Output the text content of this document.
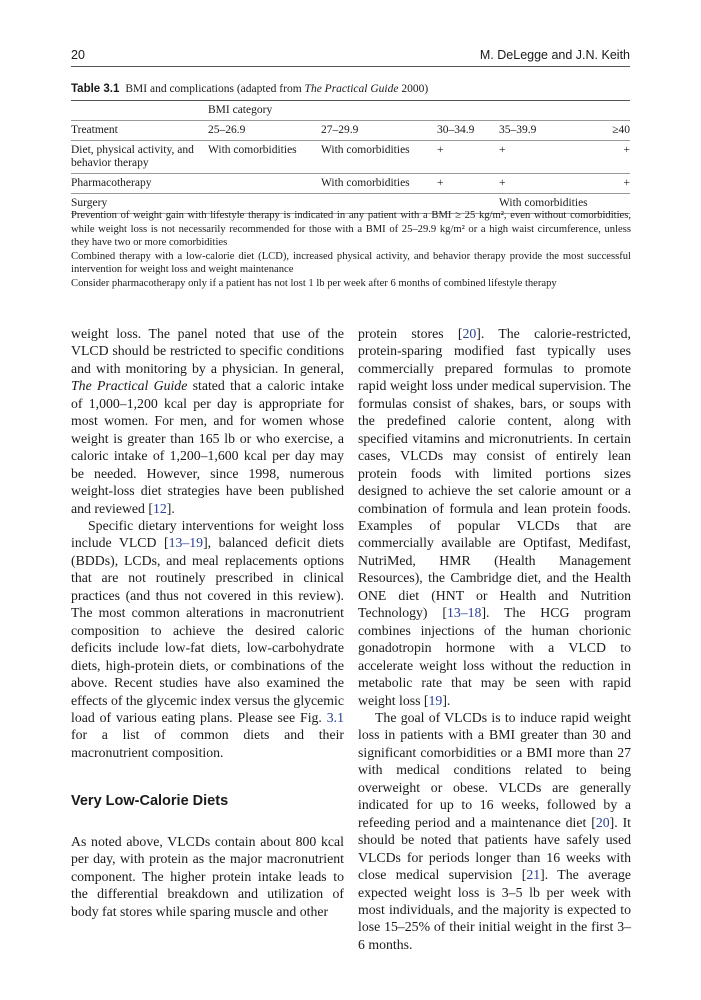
20	M. DeLegge and J.N. Keith
Table 3.1 BMI and complications (adapted from The Practical Guide 2000)
	BMI category				
Treatment	25–26.9	27–29.9	30–34.9	35–39.9	≥40
Diet, physical activity, and behavior therapy	With comorbidities	With comorbidities	+	+	+
Pharmacotherapy		With comorbidities	+	+	+
Surgery				With comorbidities	

Prevention of weight gain with lifestyle therapy is indicated in any patient with a BMI ≥ 25 kg/m², even without comorbidities, while weight loss is not necessarily recommended for those with a BMI of 25–29.9 kg/m² or a high waist circumference, unless they have two or more comorbidities

Combined therapy with a low-calorie diet (LCD), increased physical activity, and behavior therapy provide the most successful intervention for weight loss and weight maintenance

Consider pharmacotherapy only if a patient has not lost 1 lb per week after 6 months of combined lifestyle therapy

weight loss. The panel noted that use of the VLCD should be restricted to specific conditions and with monitoring by a physician. In general, The Practical Guide stated that a caloric intake of 1,000–1,200 kcal per day is appropriate for most women. For men, and for women whose weight is greater than 165 lb or who exercise, a caloric intake of 1,200–1,600 kcal per day may be needed. However, since 1998, numerous weight-loss diet strategies have been published and reviewed [12].

Specific dietary interventions for weight loss include VLCD [13–19], balanced deficit diets (BDDs), LCDs, and meal replacements options that are not routinely prescribed in clinical practices (and thus not covered in this review). The most common alterations in macronutrient composition to achieve the desired caloric deficits include low-fat diets, low-carbohydrate diets, high-protein diets, or combinations of the above. Recent studies have also examined the effects of the glycemic index versus the glycemic load of various eating plans. Please see Fig. 3.1 for a list of common diets and their macronutrient composition.

Very Low-Calorie Diets

As noted above, VLCDs contain about 800 kcal per day, with protein as the major macronutrient component. The higher protein intake leads to the differential breakdown and utilization of body fat stores while sparing muscle and other

protein stores [20]. The calorie-restricted, protein-sparing modified fast typically uses commercially prepared formulas to promote rapid weight loss under medical supervision. The formulas consist of shakes, bars, or soups with the predefined calorie content, along with specified vitamins and micronutrients. In certain cases, VLCDs may consist of entirely lean protein foods with limited portions sizes designed to achieve the set calorie amount or a combination of formula and lean protein foods. Examples of popular VLCDs that are commercially available are Optifast, Medifast, NutriMed, HMR (Health Management Resources), the Cambridge diet, and the Health ONE diet (HNT or Health and Nutrition Technology) [13–18]. The HCG program combines injections of the human chorionic gonadotropin hormone with a VLCD to accelerate weight loss without the reduction in metabolic rate that may be seen with rapid weight loss [19].

The goal of VLCDs is to induce rapid weight loss in patients with a BMI greater than 30 and significant comorbidities or a BMI more than 27 with medical conditions related to being overweight or obese. VLCDs are generally indicated for up to 16 weeks, followed by a refeeding period and a maintenance diet [20]. It should be noted that patients have safely used VLCDs for periods longer than 16 weeks with close medical supervision [21]. The average expected weight loss is 3–5 lb per week with most individuals, and the majority is expected to lose 15–25% of their initial weight in the first 3–6 months.
